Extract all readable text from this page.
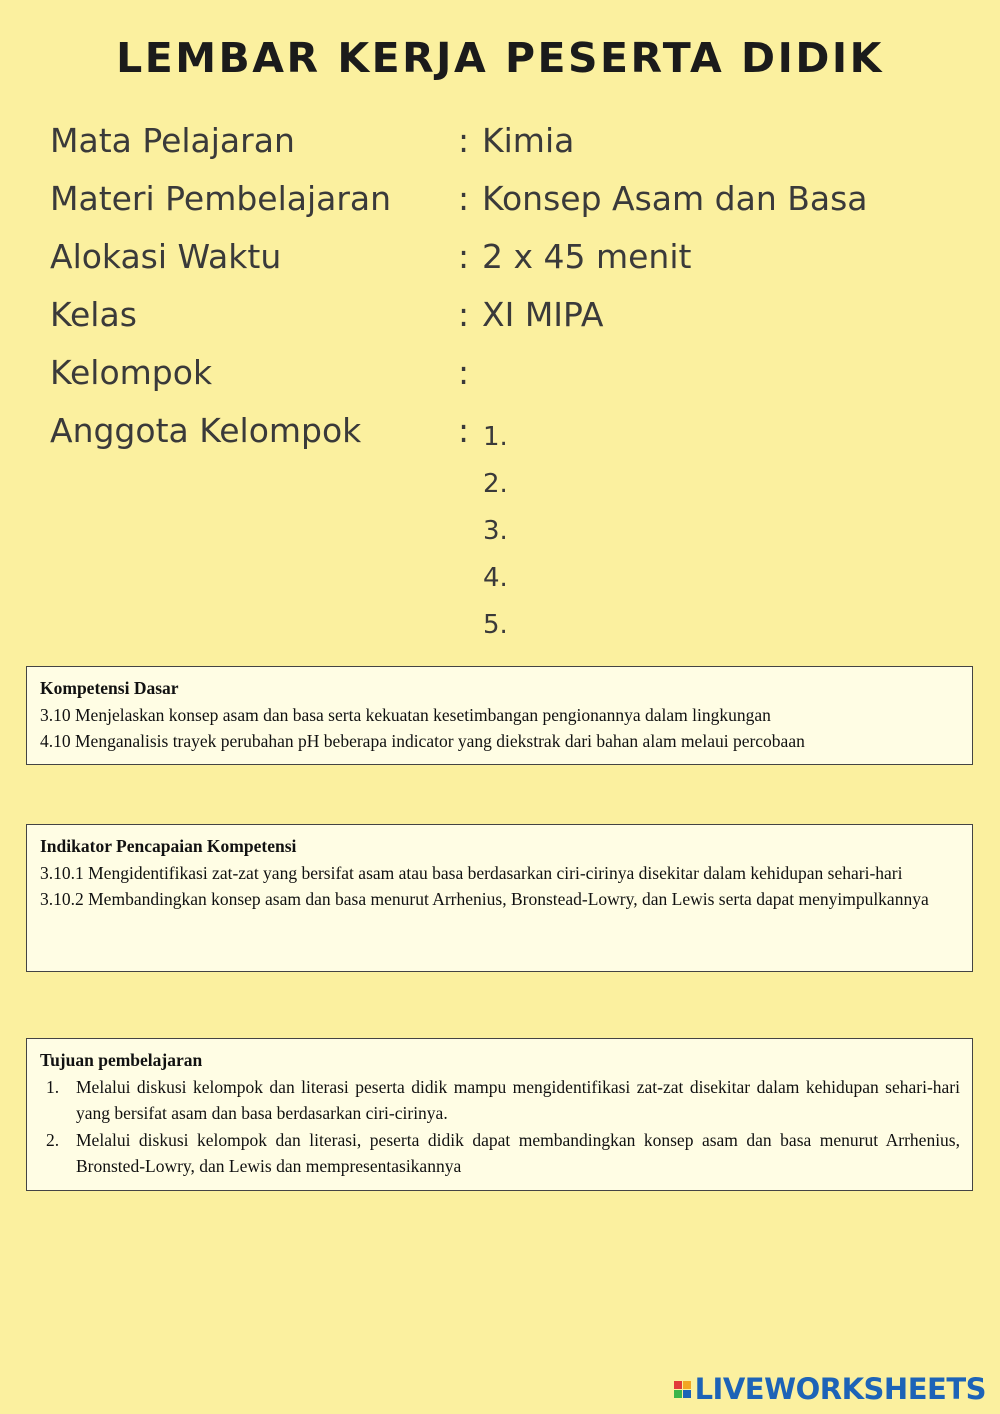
LEMBAR KERJA PESERTA DIDIK
Mata Pelajaran	: Kimia
Materi Pembelajaran : Konsep Asam dan Basa
Alokasi Waktu	: 2 x 45 menit
Kelas	: XI MIPA
Kelompok	:
Anggota Kelompok	: 1.
2.
3.
4.
5.
Kompetensi Dasar
3.10 Menjelaskan konsep asam dan basa serta kekuatan kesetimbangan pengionannya dalam lingkungan
4.10 Menganalisis trayek perubahan pH beberapa indicator yang diekstrak dari bahan alam melaui percobaan
Indikator Pencapaian Kompetensi
3.10.1 Mengidentifikasi zat-zat yang bersifat asam atau basa berdasarkan ciri-cirinya disekitar dalam kehidupan sehari-hari
3.10.2 Membandingkan konsep asam dan basa menurut Arrhenius, Bronstead-Lowry, dan Lewis serta dapat menyimpulkannya
Tujuan pembelajaran
1. Melalui diskusi kelompok dan literasi peserta didik mampu mengidentifikasi zat-zat disekitar dalam kehidupan sehari-hari yang bersifat asam dan basa berdasarkan ciri-cirinya.
2. Melalui diskusi kelompok dan literasi, peserta didik dapat membandingkan konsep asam dan basa menurut Arrhenius, Bronsted-Lowry, dan Lewis dan mempresentasikannya
LIVEWORKSHEETS
